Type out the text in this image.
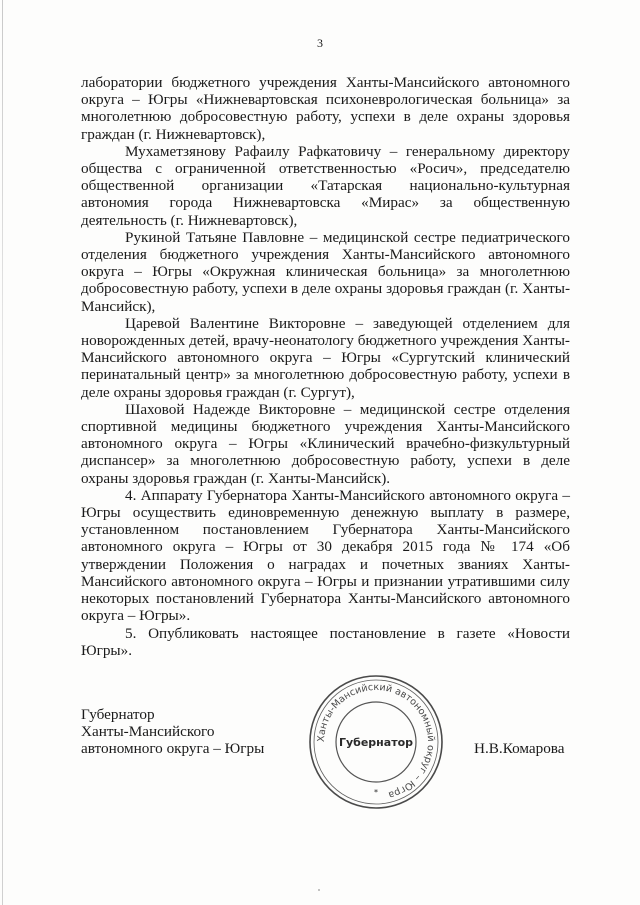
3

лаборатории бюджетного учреждения Ханты-Мансийского автономного округа – Югры «Нижневартовская психоневрологическая больница» за многолетнюю добросовестную работу, успехи в деле охраны здоровья граждан (г. Нижневартовск),

Мухаметзянову Рафаилу Рафкатовичу – генеральному директору общества с ограниченной ответственностью «Росич», председателю общественной организации «Татарская национально-культурная автономия города Нижневартовска «Мирас» за общественную деятельность (г. Нижневартовск),

Рукиной Татьяне Павловне – медицинской сестре педиатрического отделения бюджетного учреждения Ханты-Мансийского автономного округа – Югры «Окружная клиническая больница» за многолетнюю добросовестную работу, успехи в деле охраны здоровья граждан (г. Ханты-Мансийск),

Царевой Валентине Викторовне – заведующей отделением для новорожденных детей, врачу-неонатологу бюджетного учреждения Ханты-Мансийского автономного округа – Югры «Сургутский клинический перинатальный центр» за многолетнюю добросовестную работу, успехи в деле охраны здоровья граждан (г. Сургут),

Шаховой Надежде Викторовне – медицинской сестре отделения спортивной медицины бюджетного учреждения Ханты-Мансийского автономного округа – Югры «Клинический врачебно-физкультурный диспансер» за многолетнюю добросовестную работу, успехи в деле охраны здоровья граждан (г. Ханты-Мансийск).

4. Аппарату Губернатора Ханты-Мансийского автономного округа – Югры осуществить единовременную денежную выплату в размере, установленном постановлением Губернатора Ханты-Мансийского автономного округа – Югры от 30 декабря 2015 года № 174 «Об утверждении Положения о наградах и почетных званиях Ханты-Мансийского автономного округа – Югры и признании утратившими силу некоторых постановлений Губернатора Ханты-Мансийского автономного округа – Югры».

5. Опубликовать настоящее постановление в газете «Новости Югры».

Губернатор
Ханты-Мансийского
автономного округа – Югры
Ханты-Мансийский автономный округ – Югра
Губернатор
*
Н.В.Комарова
